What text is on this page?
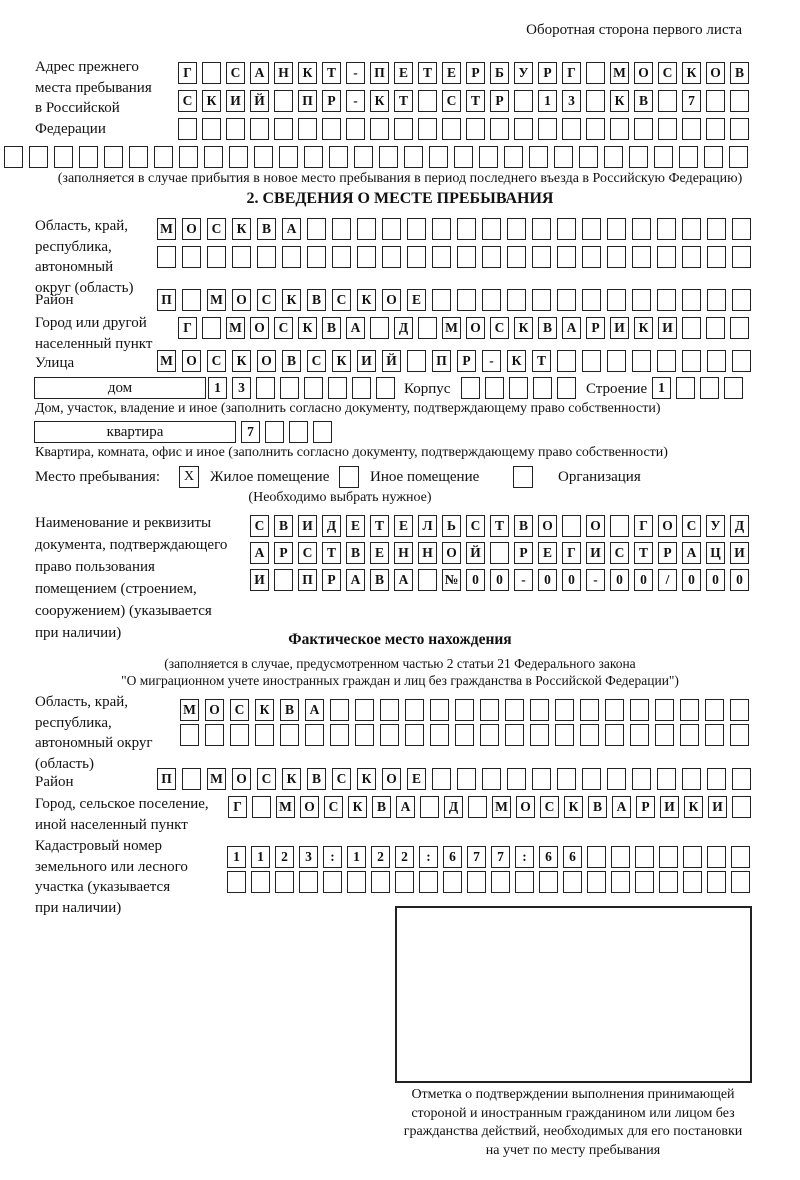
Оборотная сторона первого листа
Адрес прежнего
места пребывания
в Российской
Федерации
Г	С	А	Н	К	Т	-	П	Е	Т	Е	Р	Б	У	Р	Г	М О	С	К	О	В
С	К	И Й	П	Р	-	К	Т	С	Т	Р	1	3	К	В	7
(заполняется в случае прибытия в новое место пребывания в период последнего въезда в Российскую Федерацию)
2. СВЕДЕНИЯ О МЕСТЕ ПРЕБЫВАНИЯ
Область, край,
республика,
автономный
округ (область)
М О	С	К	В	А
Район	П	М О	С	К	В	С	К	О	Е
Город или другой
населенный пункт
Г	М О	С	К	В	А	Д	М О	С	К	В	А	Р	И	К	И
Улица	М О	С	К	О	В	С	К	И	Й	П	Р	-	К	Т
дом	1	3	Корпус	Строение 1
Дом, участок, владение и иное (заполнить согласно документу, подтверждающему право собственности)
квартира	7
Квартира, комната, офис и иное (заполнить согласно документу, подтверждающему право собственности)
Место пребывания:	X	Жилое помещение	Иное помещение	Организация
(Необходимо выбрать нужное)
Наименование и реквизиты
документа, подтверждающего
право пользования
помещением (строением,
сооружением) (указывается
при наличии)
С	В	И	Д	Е	Т	Е	Л	Ь	С	Т	В	О	О	Г	О	С	У	Д
А	Р	С	Т	В	Е	Н Н О Й	Р	Е	Г	И	С	Т	Р	А	Ц И
И	П	Р	А	В	А	№	0	0	-	0	0	-	0	0	/	0	0	0
Фактическое место нахождения
(заполняется в случае, предусмотренном частью 2 статьи 21 Федерального закона
"О миграционном учете иностранных граждан и лиц без гражданства в Российской Федерации")
Область, край,
республика,
автономный округ
(область)
М О	С	К	В	А
Район	П	М О	С	К	В	С	К	О	Е
Город, сельское поселение,
иной населенный пункт
Г	М О	С	К	В	А	Д	М О	С	К	В	А	Р	И	К	И
Кадастровый номер
земельного или лесного
участка (указывается
при наличии)
1	1	2	3	:	1	2	2	:	6	7	7	:	6	6
Отметка о подтверждении выполнения принимающей
стороной и иностранным гражданином или лицом без
гражданства действий, необходимых для его постановки
на учет по месту пребывания
